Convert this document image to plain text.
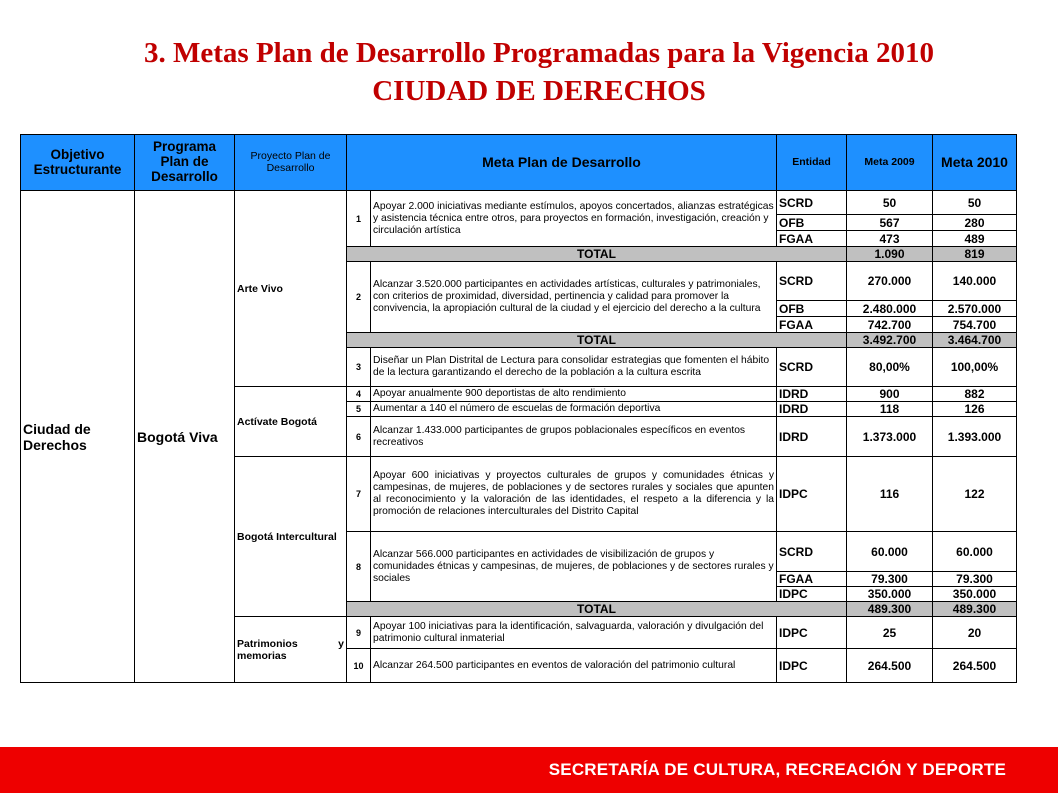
3. Metas Plan de Desarrollo Programadas para la Vigencia 2010
CIUDAD DE DERECHOS
Objetivo Estructurante	Programa Plan de Desarrollo	Proyecto Plan de Desarrollo	Meta Plan de Desarrollo		Entidad	Meta 2009	Meta 2010
Ciudad de Derechos	Bogotá Viva	Arte Vivo	1	Apoyar 2.000 iniciativas mediante estímulos, apoyos concertados, alianzas estratégicas y asistencia técnica entre otros, para proyectos en formación, investigación, creación y circulación artística	SCRD	50	50
					OFB	567	280
					FGAA	473	489
			TOTAL			1.090	819
			2	Alcanzar 3.520.000 participantes en actividades artísticas, culturales y patrimoniales, con criterios de proximidad, diversidad, pertinencia y calidad para promover la convivencia, la apropiación cultural de la ciudad y el ejercicio del derecho a la cultura	SCRD	270.000	140.000
					OFB	2.480.000	2.570.000
					FGAA	742.700	754.700
			TOTAL			3.492.700	3.464.700
			3	Diseñar un Plan Distrital de Lectura para consolidar estrategias que fomenten el hábito de la lectura garantizando el derecho de la población a la cultura escrita	SCRD	80,00%	100,00%

		Actívate Bogotá	4	Apoyar anualmente 900 deportistas de alto rendimiento	IDRD	900	882
			5	Aumentar a 140 el número de escuelas de formación deportiva	IDRD	118	126
			6	Alcanzar 1.433.000 participantes de grupos poblacionales específicos en eventos recreativos	IDRD	1.373.000	1.393.000
		Bogotá Intercultural	7	Apoyar 600 iniciativas y proyectos culturales de grupos y comunidades étnicas y campesinas, de mujeres, de poblaciones y de sectores rurales y sociales que apunten al reconocimiento y la valoración de las identidades, el respeto a la diferencia y la promoción de relaciones interculturales del Distrito Capital	IDPC	116	122
			8	Alcanzar 566.000 participantes en actividades de visibilización de grupos y comunidades étnicas y campesinas, de mujeres, de poblaciones y de sectores rurales y sociales	SCRD	60.000	60.000
					FGAA	79.300	79.300
					IDPC	350.000	350.000
			TOTAL			489.300	489.300
		Patrimonios y memorias	9	Apoyar 100 iniciativas para la identificación, salvaguarda, valoración y divulgación del patrimonio cultural inmaterial	IDPC	25	20
			10	Alcanzar 264.500 participantes en eventos de valoración del patrimonio cultural	IDPC	264.500	264.500
SECRETARÍA DE CULTURA, RECREACIÓN Y DEPORTE
